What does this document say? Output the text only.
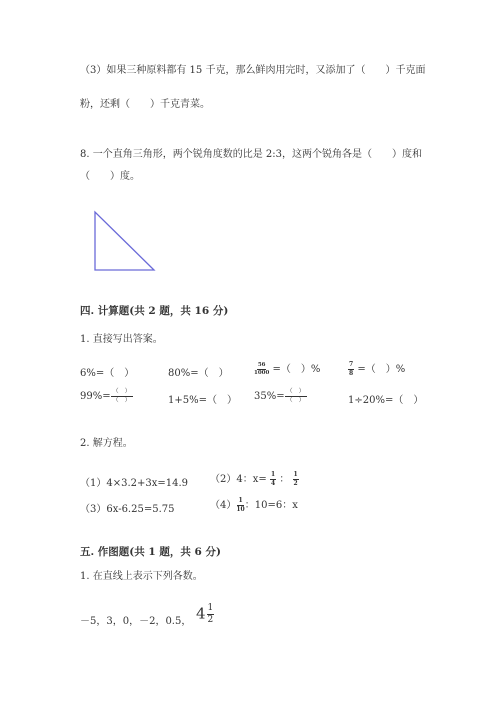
（3）如果三种原料都有 15 千克，那么鲜肉用完时，又添加了（　　）千克面
粉，还剩（　　）千克青菜。
8. 一个直角三角形，两个锐角度数的比是 2:3，这两个锐角各是（　　）度和
（　　）度。
四. 计算题(共 2 题，共 16 分)
1. 直接写出答案。
6%=（　）	80%=（　）	$\frac{56}{1000}$ =（　）%	$\frac{7}{8}$ =（　）%
$99\%= \frac{( )}{( )}$	1+5%=（　） $35\%= \frac{( )}{( )}$	1÷20%=（　）
2. 解方程。
（1）4×3.2+3x=14.9 （2）4：$x= \frac{1}{4}$ ： $\frac{1}{2}$
（3）6x-6.25=5.75	$(4) \frac{1}{10}$ ：10=6：x
五. 作图题(共 1 题，共 6 分)
1. 在直线上表示下列各数。
－5，3，0，－2，0.5， $4 \frac{1}{2}$
